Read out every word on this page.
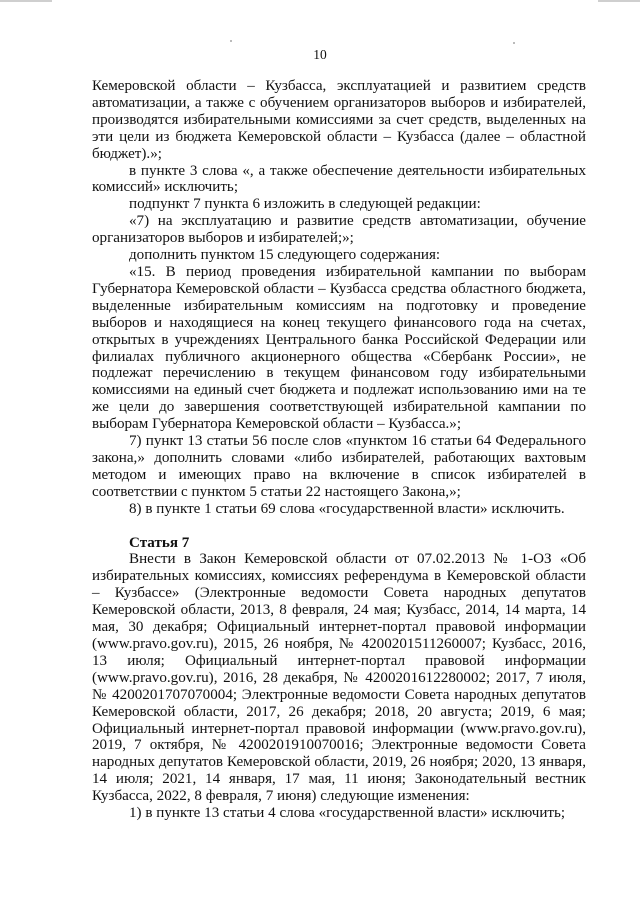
10

Кемеровской области – Кузбасса, эксплуатацией и развитием средств автоматизации, а также с обучением организаторов выборов и избирателей, производятся избирательными комиссиями за счет средств, выделенных на эти цели из бюджета Кемеровской области – Кузбасса (далее – областной бюджет).»;

в пункте 3 слова «, а также обеспечение деятельности избирательных комиссий» исключить;

подпункт 7 пункта 6 изложить в следующей редакции:

«7) на эксплуатацию и развитие средств автоматизации, обучение организаторов выборов и избирателей;»;

дополнить пунктом 15 следующего содержания:

«15. В период проведения избирательной кампании по выборам Губернатора Кемеровской области – Кузбасса средства областного бюджета, выделенные избирательным комиссиям на подготовку и проведение выборов и находящиеся на конец текущего финансового года на счетах, открытых в учреждениях Центрального банка Российской Федерации или филиалах публичного акционерного общества «Сбербанк России», не подлежат перечислению в текущем финансовом году избирательными комиссиями на единый счет бюджета и подлежат использованию ими на те же цели до завершения соответствующей избирательной кампании по выборам Губернатора Кемеровской области – Кузбасса.»;

7) пункт 13 статьи 56 после слов «пунктом 16 статьи 64 Федерального закона,» дополнить словами «либо избирателей, работающих вахтовым методом и имеющих право на включение в список избирателей в соответствии с пунктом 5 статьи 22 настоящего Закона,»;

8) в пункте 1 статьи 69 слова «государственной власти» исключить.

Статья 7

Внести в Закон Кемеровской области от 07.02.2013 № 1-ОЗ «Об избирательных комиссиях, комиссиях референдума в Кемеровской области – Кузбассе» (Электронные ведомости Совета народных депутатов Кемеровской области, 2013, 8 февраля, 24 мая; Кузбасс, 2014, 14 марта, 14 мая, 30 декабря; Официальный интернет-портал правовой информации (www.pravo.gov.ru), 2015, 26 ноября, № 4200201511260007; Кузбасс, 2016, 13 июля; Официальный интернет-портал правовой информации (www.pravo.gov.ru), 2016, 28 декабря, № 4200201612280002; 2017, 7 июля, № 4200201707070004; Электронные ведомости Совета народных депутатов Кемеровской области, 2017, 26 декабря; 2018, 20 августа; 2019, 6 мая; Официальный интернет-портал правовой информации (www.pravo.gov.ru), 2019, 7 октября, № 4200201910070016; Электронные ведомости Совета народных депутатов Кемеровской области, 2019, 26 ноября; 2020, 13 января, 14 июля; 2021, 14 января, 17 мая, 11 июня; Законодательный вестник Кузбасса, 2022, 8 февраля, 7 июня) следующие изменения:

1) в пункте 13 статьи 4 слова «государственной власти» исключить;
